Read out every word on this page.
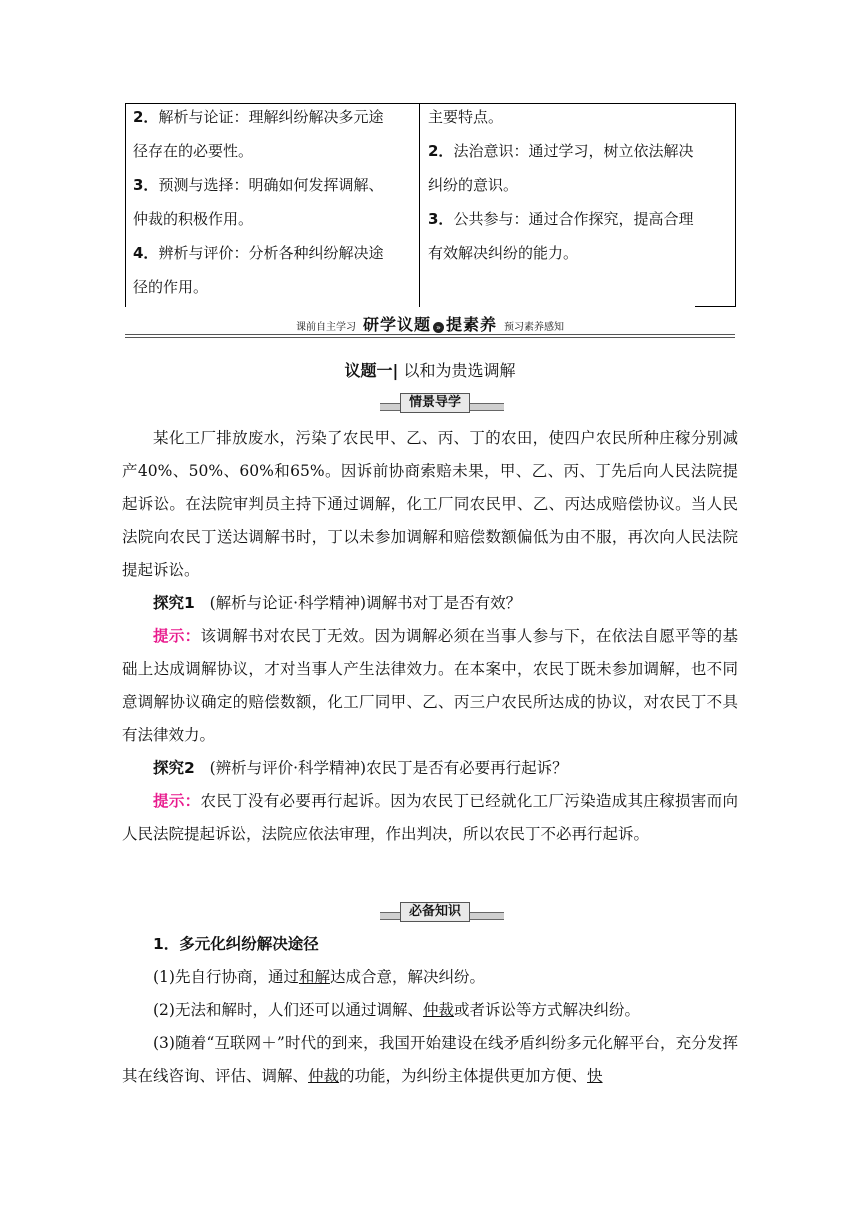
2．解析与论证：理解纠纷解决多元途
径存在的必要性。
3．预测与选择：明确如何发挥调解、
仲裁的积极作用。
4．辨析与评价：分析各种纠纷解决途
径的作用。
主要特点。
2．法治意识：通过学习，树立依法解决
纠纷的意识。
3．公共参与：通过合作探究，提高合理
有效解决纠纷的能力。
课前自主学习 研学议题 » 提素养 预习素养感知
议题一| 以和为贵选调解
情景导学

某化工厂排放废水，污染了农民甲、乙、丙、丁的农田，使四户农民所种庄稼分别减产40%、50%、60%和65%。因诉前协商索赔未果，甲、乙、丙、丁先后向人民法院提起诉讼。在法院审判员主持下通过调解，化工厂同农民甲、乙、丙达成赔偿协议。当人民法院向农民丁送达调解书时，丁以未参加调解和赔偿数额偏低为由不服，再次向人民法院提起诉讼。

探究1 (解析与论证·科学精神)调解书对丁是否有效？

提示：该调解书对农民丁无效。因为调解必须在当事人参与下，在依法自愿平等的基础上达成调解协议，才对当事人产生法律效力。在本案中，农民丁既未参加调解，也不同意调解协议确定的赔偿数额，化工厂同甲、乙、丙三户农民所达成的协议，对农民丁不具有法律效力。

探究2 (辨析与评价·科学精神)农民丁是否有必要再行起诉？

提示：农民丁没有必要再行起诉。因为农民丁已经就化工厂污染造成其庄稼损害而向人民法院提起诉讼，法院应依法审理，作出判决，所以农民丁不必再行起诉。

必备知识

1．多元化纠纷解决途径

(1)先自行协商，通过和解达成合意，解决纠纷。

(2)无法和解时，人们还可以通过调解、仲裁或者诉讼等方式解决纠纷。

(3)随着“互联网＋”时代的到来，我国开始建设在线矛盾纠纷多元化解平台，充分发挥其在线咨询、评估、调解、仲裁的功能，为纠纷主体提供更加方便、快
